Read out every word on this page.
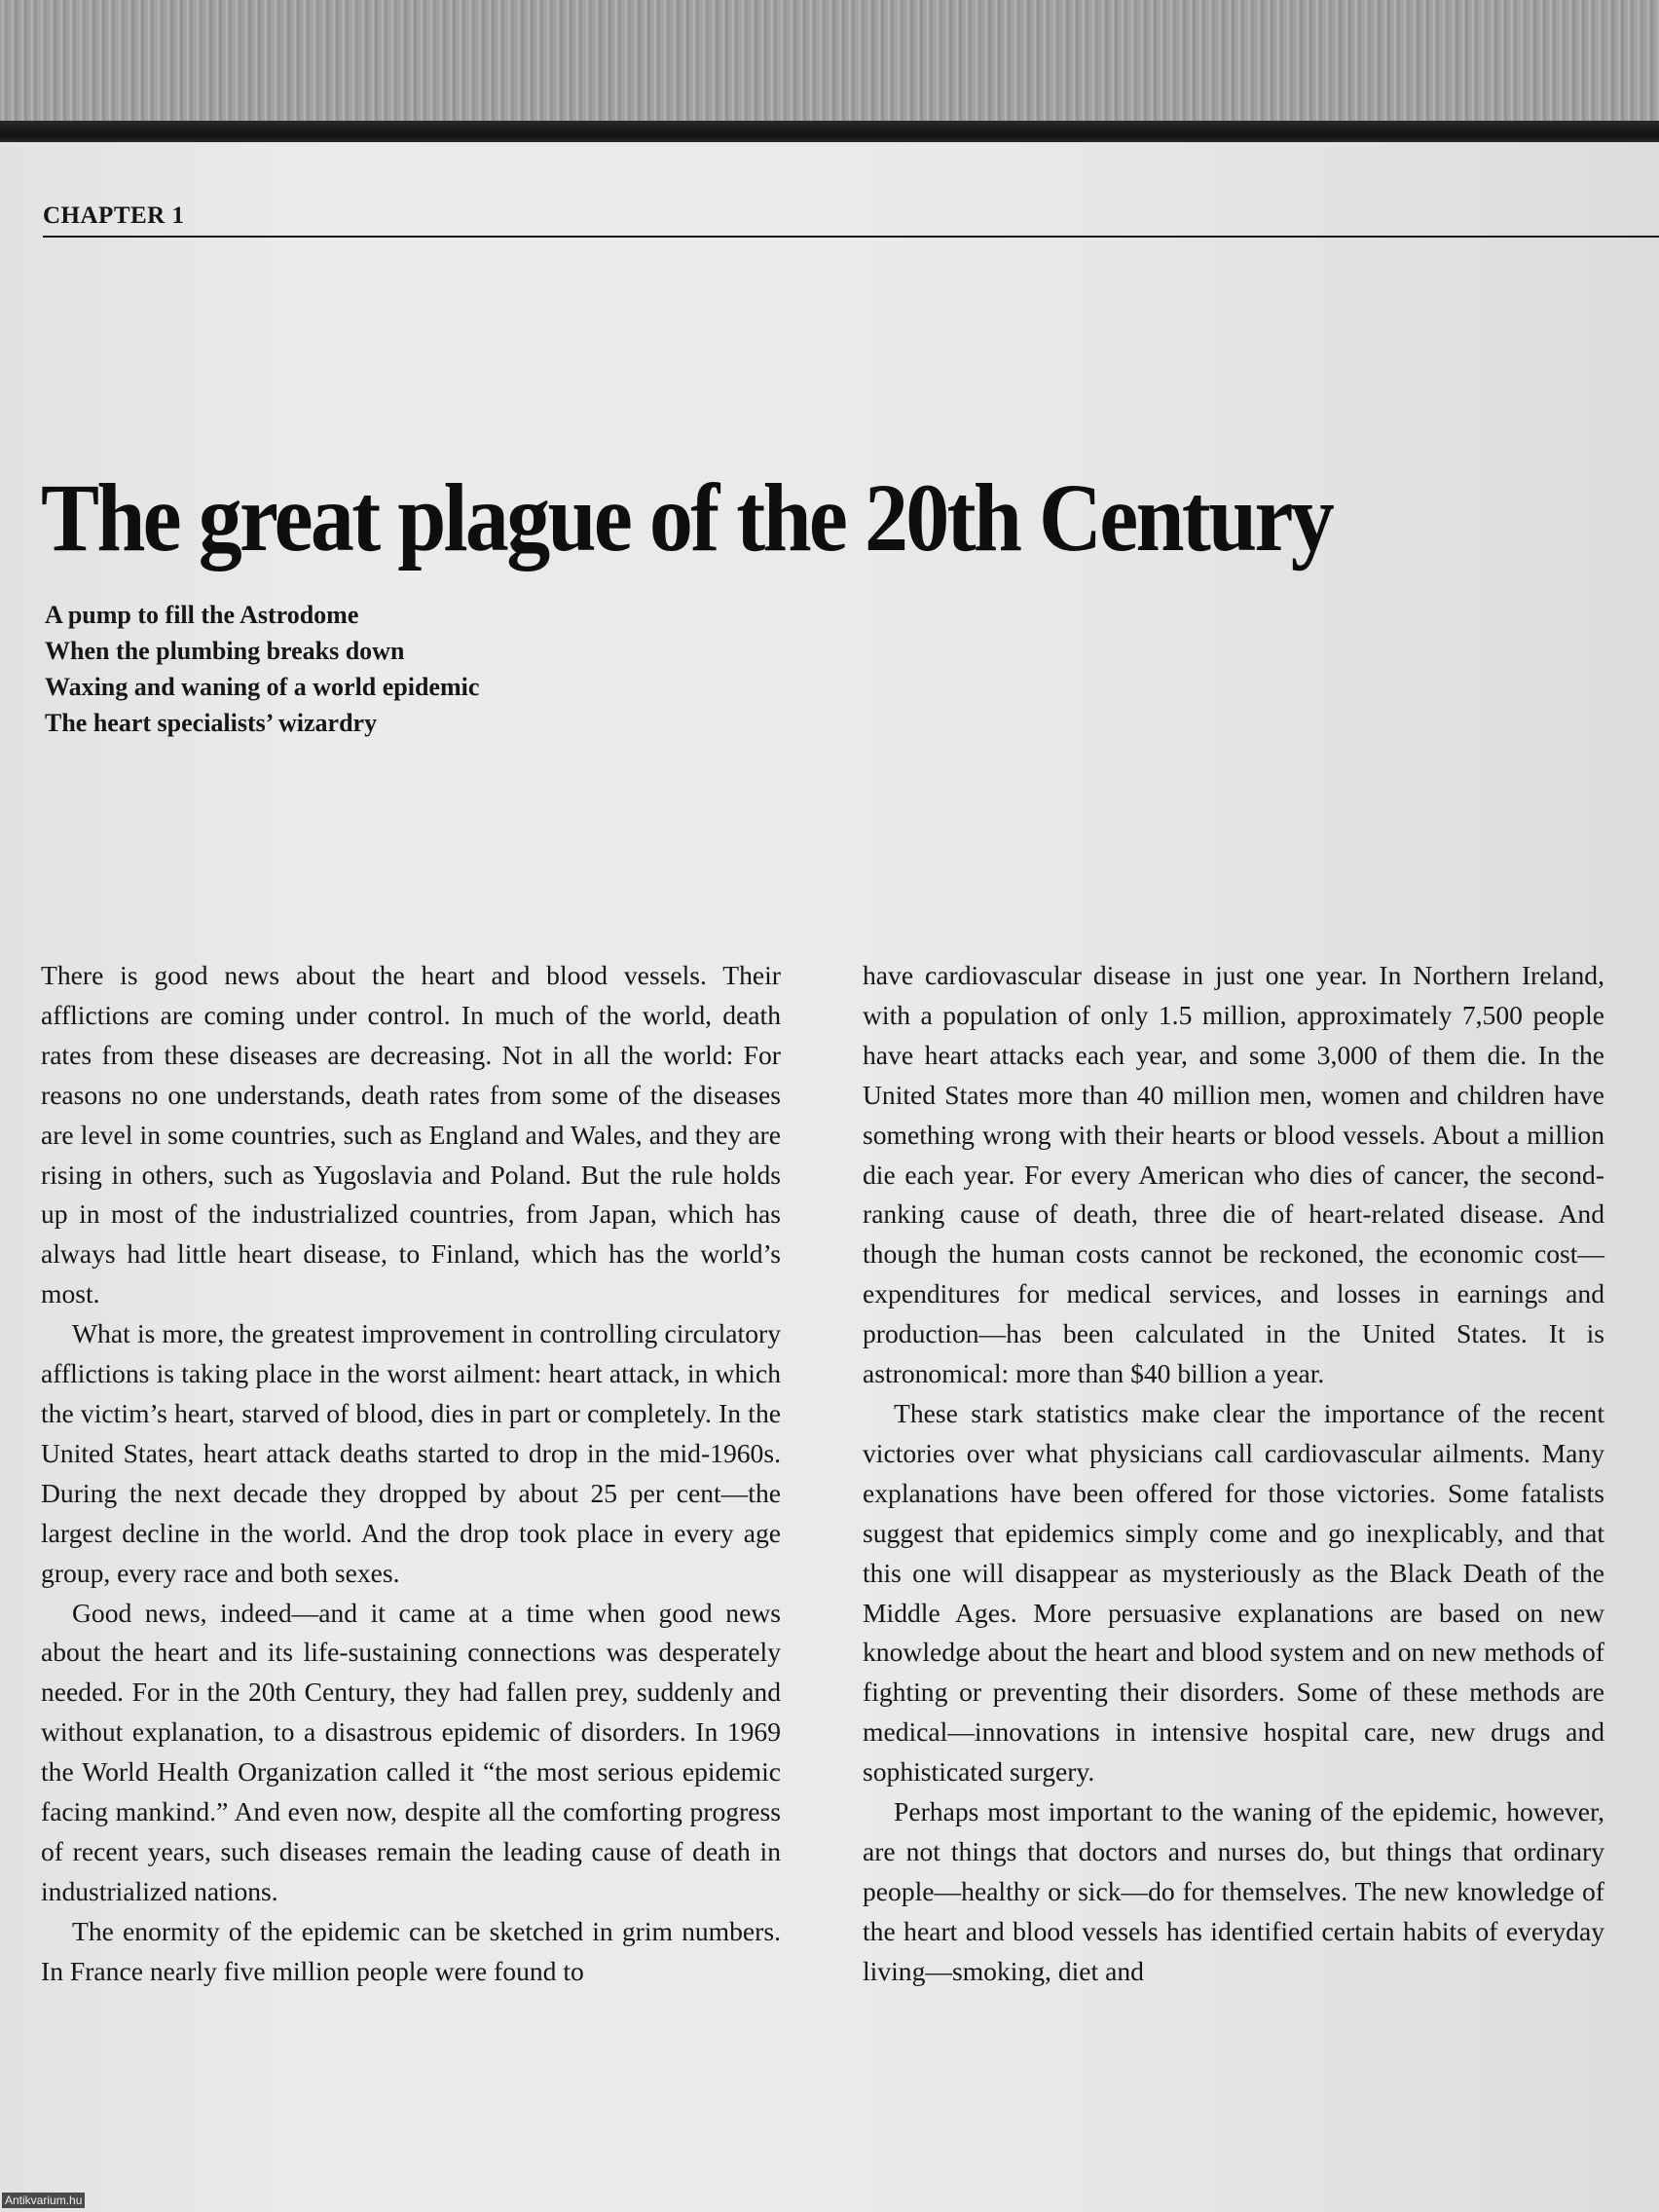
CHAPTER 1
The great plague of the 20th Century
A pump to fill the Astrodome
When the plumbing breaks down
Waxing and waning of a world epidemic
The heart specialists’ wizardry

There is good news about the heart and blood vessels. Their afflictions are coming under control. In much of the world, death rates from these diseases are decreasing. Not in all the world: For reasons no one understands, death rates from some of the diseases are level in some countries, such as England and Wales, and they are rising in others, such as Yugoslavia and Poland. But the rule holds up in most of the industrialized countries, from Japan, which has always had little heart disease, to Finland, which has the world’s most.

What is more, the greatest improvement in controlling circulatory afflictions is taking place in the worst ailment: heart attack, in which the victim’s heart, starved of blood, dies in part or completely. In the United States, heart attack deaths started to drop in the mid-1960s. During the next decade they dropped by about 25 per cent—the largest decline in the world. And the drop took place in every age group, every race and both sexes.

Good news, indeed—and it came at a time when good news about the heart and its life-sustaining connections was desperately needed. For in the 20th Century, they had fallen prey, suddenly and without explanation, to a disastrous epidemic of disorders. In 1969 the World Health Organization called it “the most serious epidemic facing mankind.” And even now, despite all the comforting progress of recent years, such diseases remain the leading cause of death in industrialized nations.

The enormity of the epidemic can be sketched in grim numbers. In France nearly five million people were found to

have cardiovascular disease in just one year. In Northern Ireland, with a population of only 1.5 million, approximately 7,500 people have heart attacks each year, and some 3,000 of them die. In the United States more than 40 million men, women and children have something wrong with their hearts or blood vessels. About a million die each year. For every American who dies of cancer, the second-ranking cause of death, three die of heart-related disease. And though the human costs cannot be reckoned, the economic cost—expenditures for medical services, and losses in earnings and production—has been calculated in the United States. It is astronomical: more than $40 billion a year.

These stark statistics make clear the importance of the recent victories over what physicians call cardiovascular ailments. Many explanations have been offered for those victories. Some fatalists suggest that epidemics simply come and go inexplicably, and that this one will disappear as mysteriously as the Black Death of the Middle Ages. More persuasive explanations are based on new knowledge about the heart and blood system and on new methods of fighting or preventing their disorders. Some of these methods are medical—innovations in intensive hospital care, new drugs and sophisticated surgery.

Perhaps most important to the waning of the epidemic, however, are not things that doctors and nurses do, but things that ordinary people—healthy or sick—do for themselves. The new knowledge of the heart and blood vessels has identified certain habits of everyday living—smoking, diet and

Antikvarium.hu
